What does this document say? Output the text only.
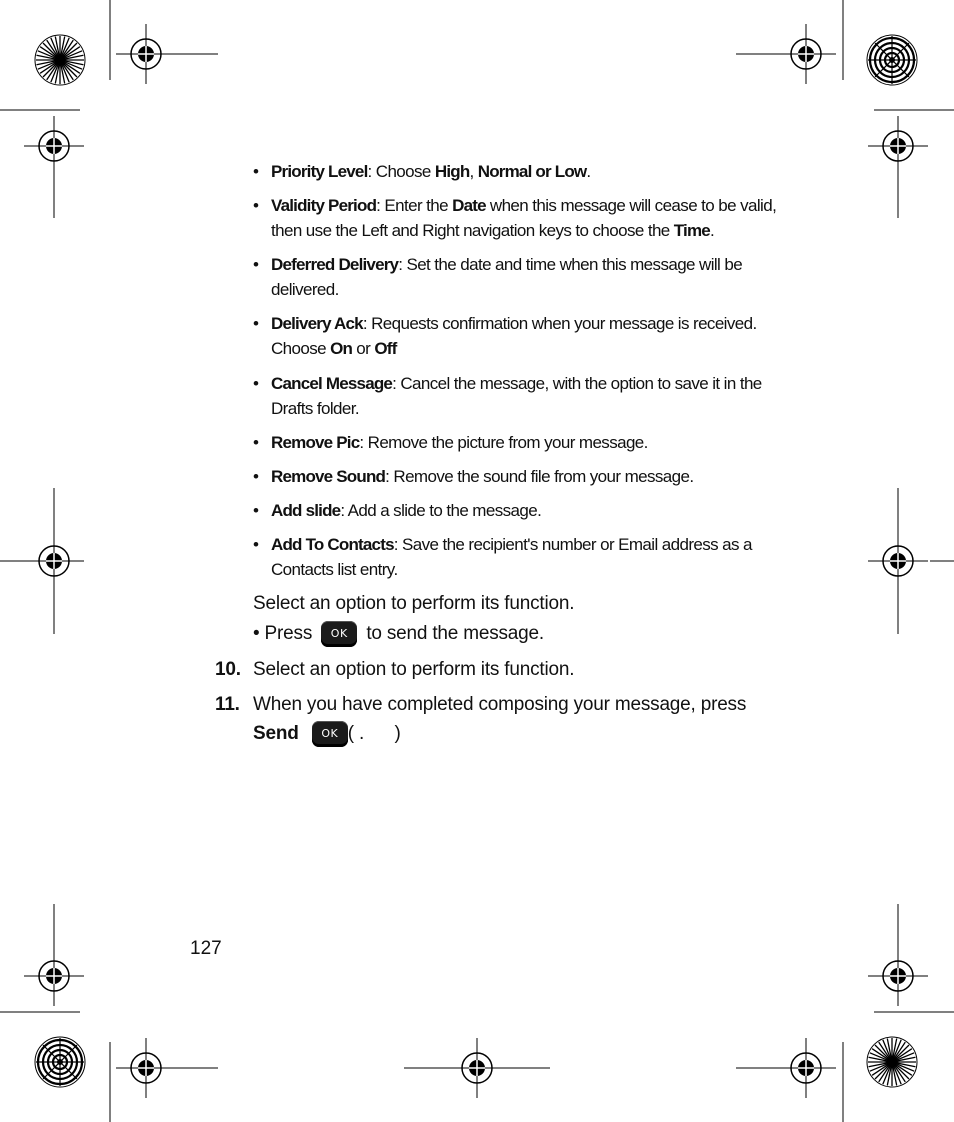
• Priority Level: Choose High, Normal or Low.
• Validity Period: Enter the Date when this message will cease to be valid, then use the Left and Right navigation keys to choose the Time.
• Deferred Delivery: Set the date and time when this message will be delivered.
• Delivery Ack: Requests confirmation when your message is received. Choose On or Off
• Cancel Message: Cancel the message, with the option to save it in the Drafts folder.
• Remove Pic: Remove the picture from your message.
• Remove Sound: Remove the sound file from your message.
• Add slide: Add a slide to the message.
• Add To Contacts: Save the recipient's number or Email address as a Contacts list entry.
Select an option to perform its function.
• Press OK to send the message.
10. Select an option to perform its function.
11. When you have completed composing your message, press
Send OK ( .      )
127
